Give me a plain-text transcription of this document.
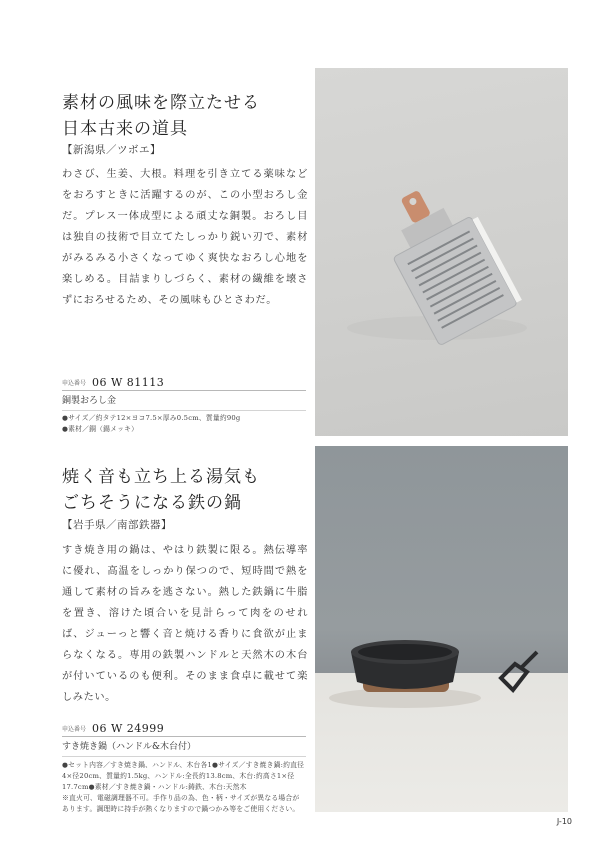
素材の風味を際立たせる
日本古来の道具
【新潟県／ツボエ】
わさび、生姜、大根。料理を引き立てる薬味などをおろすときに活躍するのが、この小型おろし金だ。プレス一体成型による頑丈な銅製。おろし目は独自の技術で目立てたしっかり鋭い刃で、素材がみるみる小さくなってゆく爽快なおろし心地を楽しめる。目詰まりしづらく、素材の繊維を壊さずにおろせるため、その風味もひとさわだ。
申込番号 06 W 81113
銅製おろし金
●サイズ／約タテ12×ヨコ7.5×厚み0.5cm、質量約90g
●素材／銅（錫メッキ）
焼く音も立ち上る湯気も
ごちそうになる鉄の鍋
【岩手県／南部鉄器】
すき焼き用の鍋は、やはり鉄製に限る。熱伝導率に優れ、高温をしっかり保つので、短時間で熱を通して素材の旨みを逃さない。熱した鉄鍋に牛脂を置き、溶けた頃合いを見計らって肉をのせれば、ジューっと響く音と焼ける香りに食欲が止まらなくなる。専用の鉄製ハンドルと天然木の木台が付いているのも便利。そのまま食卓に載せて楽しみたい。
申込番号 06 W 24999
すき焼き鍋（ハンドル&木台付）
●セット内容／すき焼き鍋、ハンドル、木台各1●サイズ／すき焼き鍋:約直径4×径20cm、質量約1.5kg、ハンドル:全長約13.8cm、木台:約高さ1×径17.7cm●素材／すき焼き鍋・ハンドル:鋳鉄、木台:天然木
※直火可、電磁調理器不可。手作り品の為、色・柄・サイズが異なる場合があります。調理時に持手が熱くなりますので鍋つかみ等をご使用ください。
J-10
